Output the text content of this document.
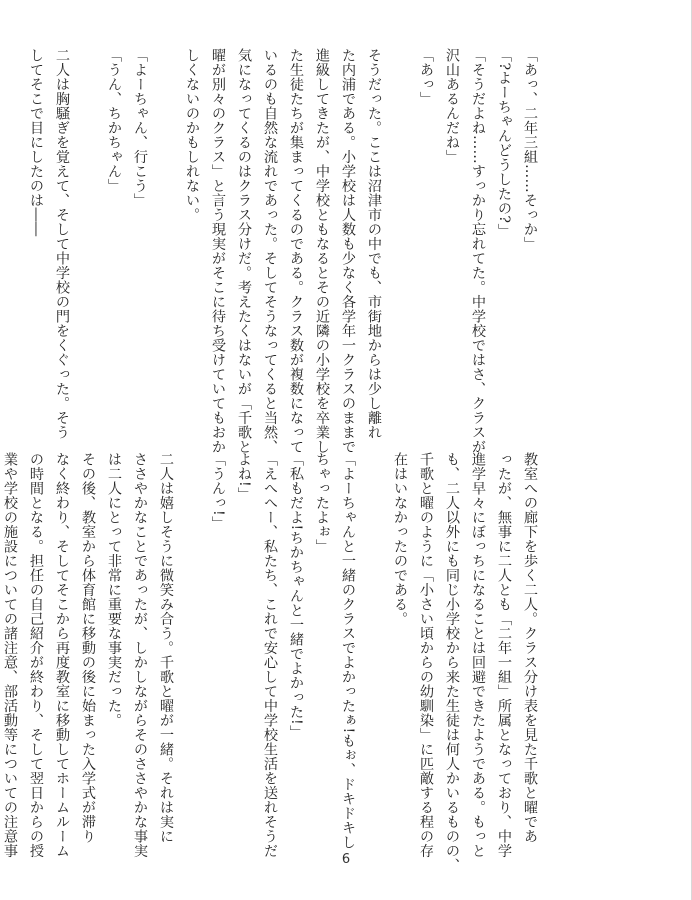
「あっ、二年三組……そっか」
「?よーちゃんどうしたの?」
「そうだよね……すっかり忘れてた。中学校ではさ、クラスが
沢山あるんだね」
「あっ」
そうだった。ここは沼津市の中でも、市街地からは少し離れ
た内浦である。小学校は人数も少なく各学年一クラスのままで
進級してきたが、中学校ともなるとその近隣の小学校を卒業し
た生徒たちが集まってくるのである。クラス数が複数になって
いるのも自然な流れであった。そしてそうなってくると当然、
気になってくるのはクラス分けだ。考えたくはないが「千歌と
曜が別々のクラス」と言う現実がそこに待ち受けていてもおか
しくないのかもしれない。
「よーちゃん、行こう」
「うん、ちかちゃん」
二人は胸騒ぎを覚えて、そして中学校の門をくぐった。そう
してそこで目にしたのは――
教室への廊下を歩く二人。クラス分け表を見た千歌と曜であ
ったが、無事に二人とも「二年一組」所属となっており、中学
進学早々にぼっちになることは回避できたようである。もっと
も、二人以外にも同じ小学校から来た生徒は何人かいるものの、
千歌と曜のように「小さい頃からの幼馴染」に匹敵する程の存
在はいなかったのである。
「よーちゃんと一緒のクラスでよかったぁ!もぉ、ドキドキし
ちゃったよぉ」
「私もだよ!ちかちゃんと一緒でよかった!」
「えへへー、私たち、これで安心して中学校生活を送れそうだ
よね!」
「うんっ!」
二人は嬉しそうに微笑み合う。千歌と曜が一緒。それは実に
ささやかなことであったが、しかしながらそのささやかな事実
は二人にとって非常に重要な事実だった。
その後、教室から体育館に移動の後に始まった入学式が滞り
なく終わり、そしてそこから再度教室に移動してホームルーム
の時間となる。担任の自己紹介が終わり、そして翌日からの授
業や学校の施設についての諸注意、部活動等についての注意事
6
